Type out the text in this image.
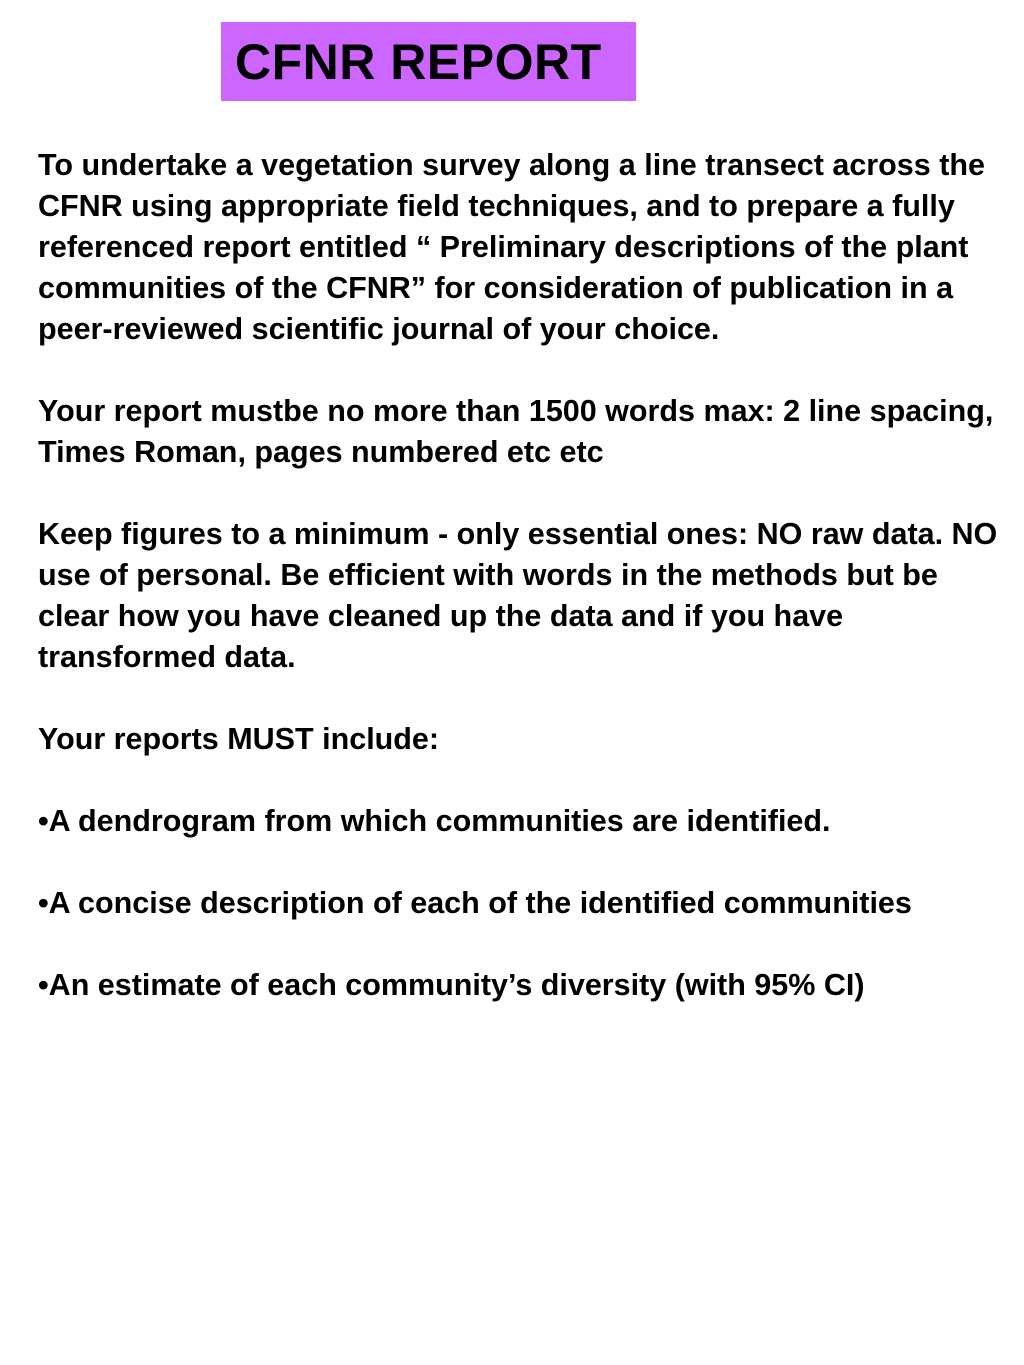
CFNR REPORT

To undertake a vegetation survey along a line transect across the CFNR using appropriate field techniques, and to prepare a fully referenced report entitled “ Preliminary descriptions of the plant communities of the CFNR” for consideration of publication in a peer-reviewed scientific journal of your choice.

Your report mustbe no more than 1500 words max: 2 line spacing, Times Roman, pages numbered etc etc

Keep figures to a minimum - only essential ones: NO raw data. NO use of personal. Be efficient with words in the methods but be clear how you have cleaned up the data and if you have transformed data.

Your reports MUST include:

•A dendrogram from which communities are identified.

•A concise description of each of the identified communities

•An estimate of each community’s diversity (with 95% CI)
